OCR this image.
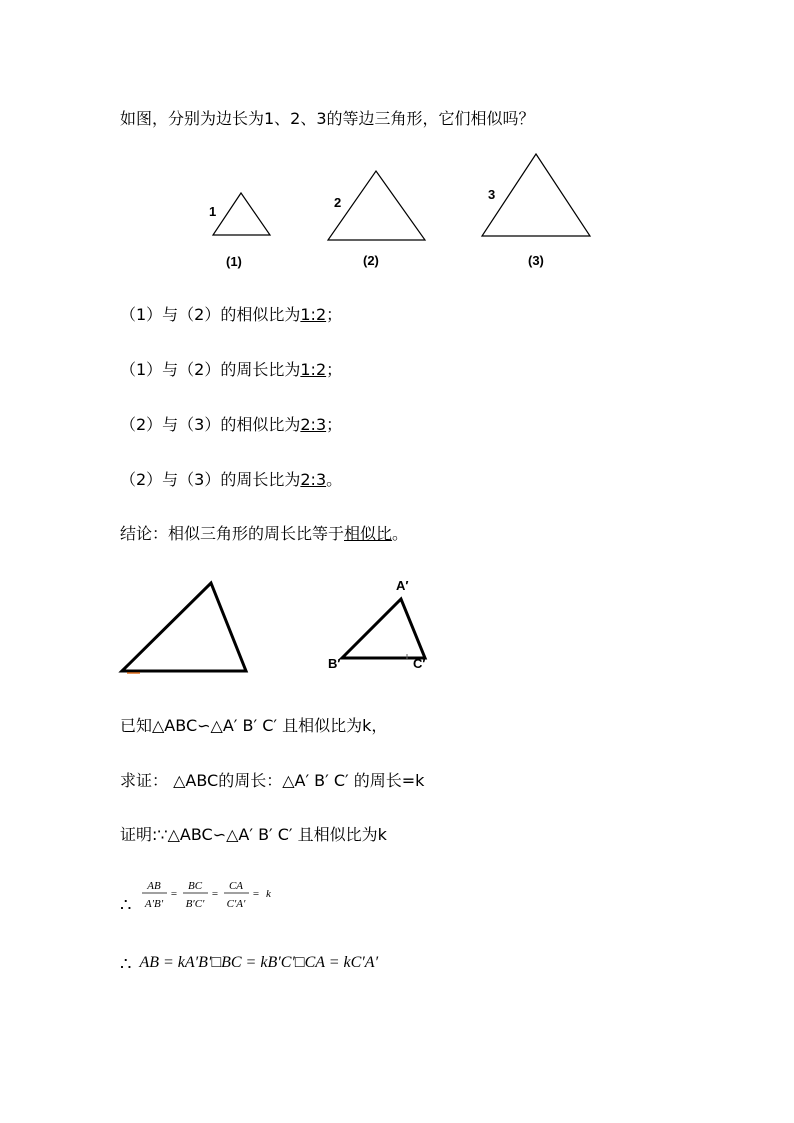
如图，分别为边长为1、2、3的等边三角形，它们相似吗？
1
2
3
(1)	(2)	(3)
（1）与（2）的相似比为1:2；
（1）与（2）的周长比为1:2；
（2）与（3）的相似比为2:3；
（2）与（3）的周长比为2:3。
结论：相似三角形的周长比等于相似比。
A′
B′	C′
已知△ABC∽△A′ B′ C′ 且相似比为k，
求证： △ABC的周长：△A′ B′ C′ 的周长=k
证明:∵△ABC∽△A′ B′ C′ 且相似比为k
∴
AB
A′B′
=
BC
B′C′
=
CA
C′A′
= k
∴ AB = kA′B′□BC = kB′C′□CA = kC′A′
